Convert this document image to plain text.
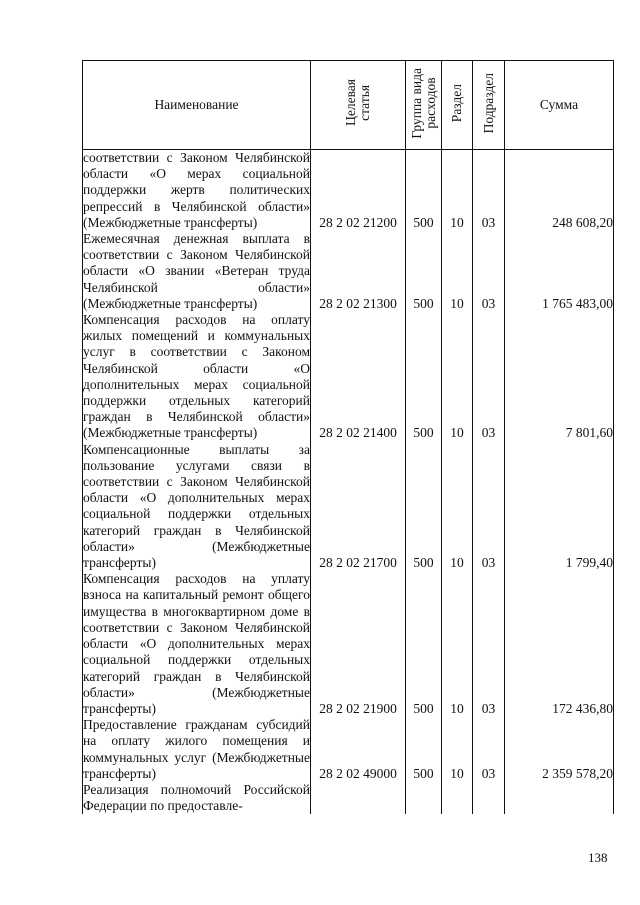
Наименование	Целевая статья	Группа вида расходов	Раздел	Подраздел	Сумма
соответствии с Законом Челябинской области «О мерах социальной поддержки жертв политических репрессий в Челябинской области» (Межбюджетные трансферты)	28 2 02 21200	500	10	03	248 608,20
Ежемесячная денежная выплата в соответствии с Законом Челябинской области «О звании «Ветеран труда Челябинской области» (Межбюджетные трансферты)	28 2 02 21300	500	10	03	1 765 483,00
Компенсация расходов на оплату жилых помещений и коммунальных услуг в соответствии с Законом Челябинской области «О дополнительных мерах социальной поддержки отдельных категорий граждан в Челябинской области» (Межбюджетные трансферты)	28 2 02 21400	500	10	03	7 801,60
Компенсационные выплаты за пользование услугами связи в соответствии с Законом Челябинской области «О дополнительных мерах социальной поддержки отдельных категорий граждан в Челябинской области» (Межбюджетные трансферты)	28 2 02 21700	500	10	03	1 799,40
Компенсация расходов на уплату взноса на капитальный ремонт общего имущества в многоквартирном доме в соответствии с Законом Челябинской области «О дополнительных мерах социальной поддержки отдельных категорий граждан в Челябинской области» (Межбюджетные трансферты)	28 2 02 21900	500	10	03	172 436,80
Предоставление гражданам субсидий на оплату жилого помещения и коммунальных услуг (Межбюджетные трансферты)	28 2 02 49000	500	10	03	2 359 578,20
Реализация полномочий Российской Федерации по предоставле-					
138
